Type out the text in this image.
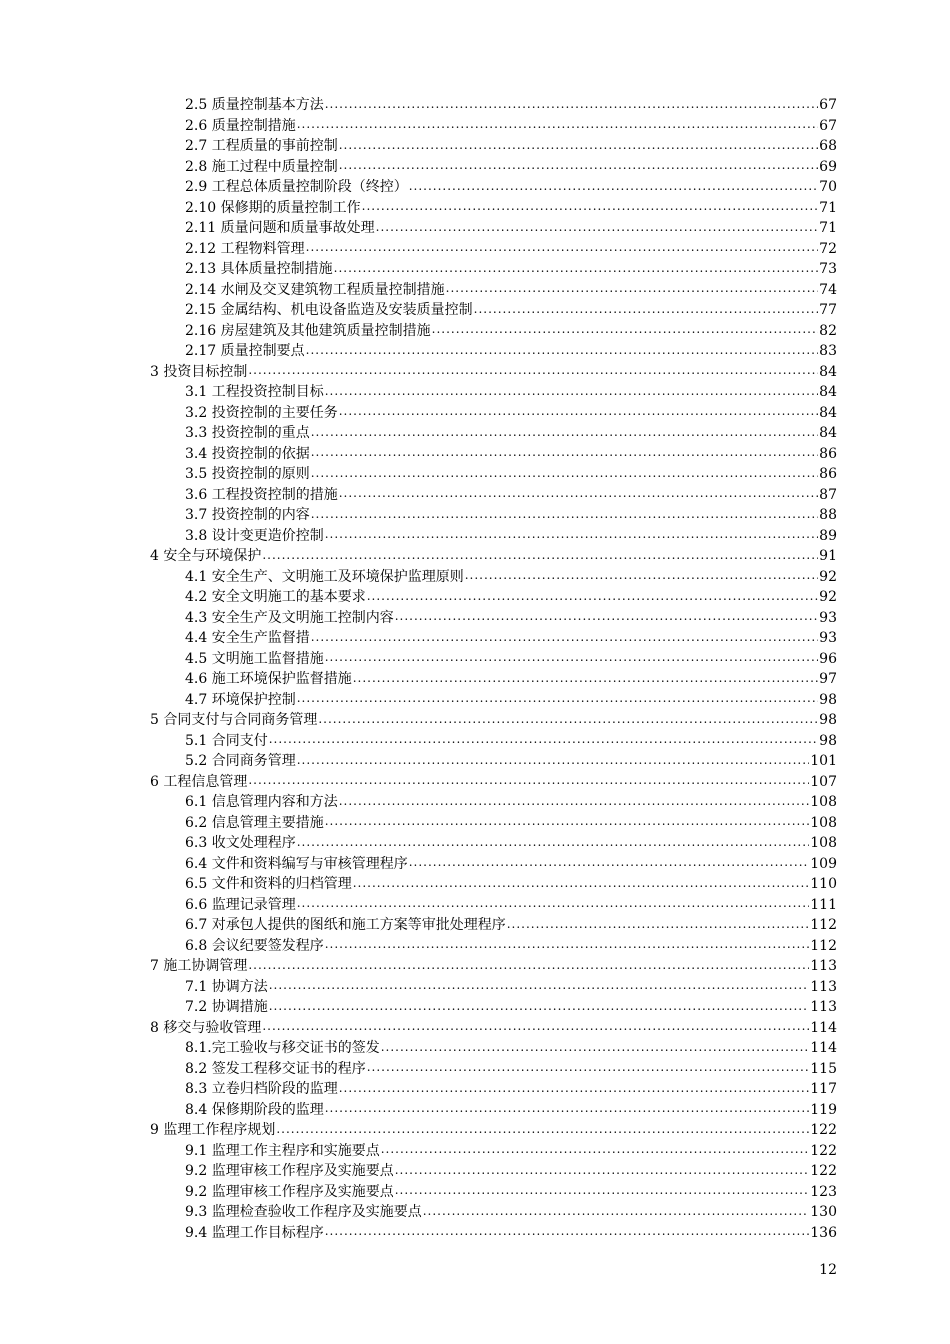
2.5 质量控制基本方法 .....	67
2.6 质量控制措施 .....	67
2.7 工程质量的事前控制 .....	68
2.8 施工过程中质量控制 .....	69
2.9 工程总体质量控制阶段（终控） .....	70
2.10 保修期的质量控制工作 .....	71
2.11 质量问题和质量事故处理 .....	71
2.12 工程物料管理 .....	72
2.13 具体质量控制措施 .....	73
2.14 水闸及交叉建筑物工程质量控制措施 .....	74
2.15 金属结构、机电设备监造及安装质量控制 .....	77
2.16 房屋建筑及其他建筑质量控制措施 .....	82
2.17 质量控制要点 .....	83
3 投资目标控制 .....	84
3.1 工程投资控制目标 .....	84
3.2 投资控制的主要任务 .....	84
3.3 投资控制的重点 .....	84
3.4 投资控制的依据 .....	86
3.5 投资控制的原则 .....	86
3.6 工程投资控制的措施 .....	87
3.7 投资控制的内容 .....	88
3.8 设计变更造价控制 .....	89
4 安全与环境保护 .....	91
4.1 安全生产、文明施工及环境保护监理原则 .....	92
4.2 安全文明施工的基本要求 .....	92
4.3 安全生产及文明施工控制内容 .....	93
4.4 安全生产监督措 .....	93
4.5 文明施工监督措施 .....	96
4.6 施工环境保护监督措施 .....	97
4.7 环境保护控制 .....	98
5 合同支付与合同商务管理 .....	98
5.1 合同支付 .....	98
5.2 合同商务管理 .....	101
6 工程信息管理 .....	107
6.1 信息管理内容和方法 .....	108
6.2 信息管理主要措施 .....	108
6.3 收文处理程序 .....	108
6.4 文件和资料编写与审核管理程序 .....	109
6.5 文件和资料的归档管理 .....	110
6.6 监理记录管理 .....	111
6.7 对承包人提供的图纸和施工方案等审批处理程序 .....	112
6.8 会议纪要签发程序 .....	112
7 施工协调管理 .....	113
7.1 协调方法 .....	113
7.2 协调措施 .....	113
8 移交与验收管理 .....	114
8.1.完工验收与移交证书的签发 .....	114
8.2 签发工程移交证书的程序 .....	115
8.3 立卷归档阶段的监理 .....	117
8.4 保修期阶段的监理 .....	119
9 监理工作程序规划 .....	122
9.1 监理工作主程序和实施要点 .....	122
9.2 监理审核工作程序及实施要点 .....	122
9.2 监理审核工作程序及实施要点 .....	123
9.3 监理检查验收工作程序及实施要点 .....	130
9.4 监理工作目标程序 .....	136
12
